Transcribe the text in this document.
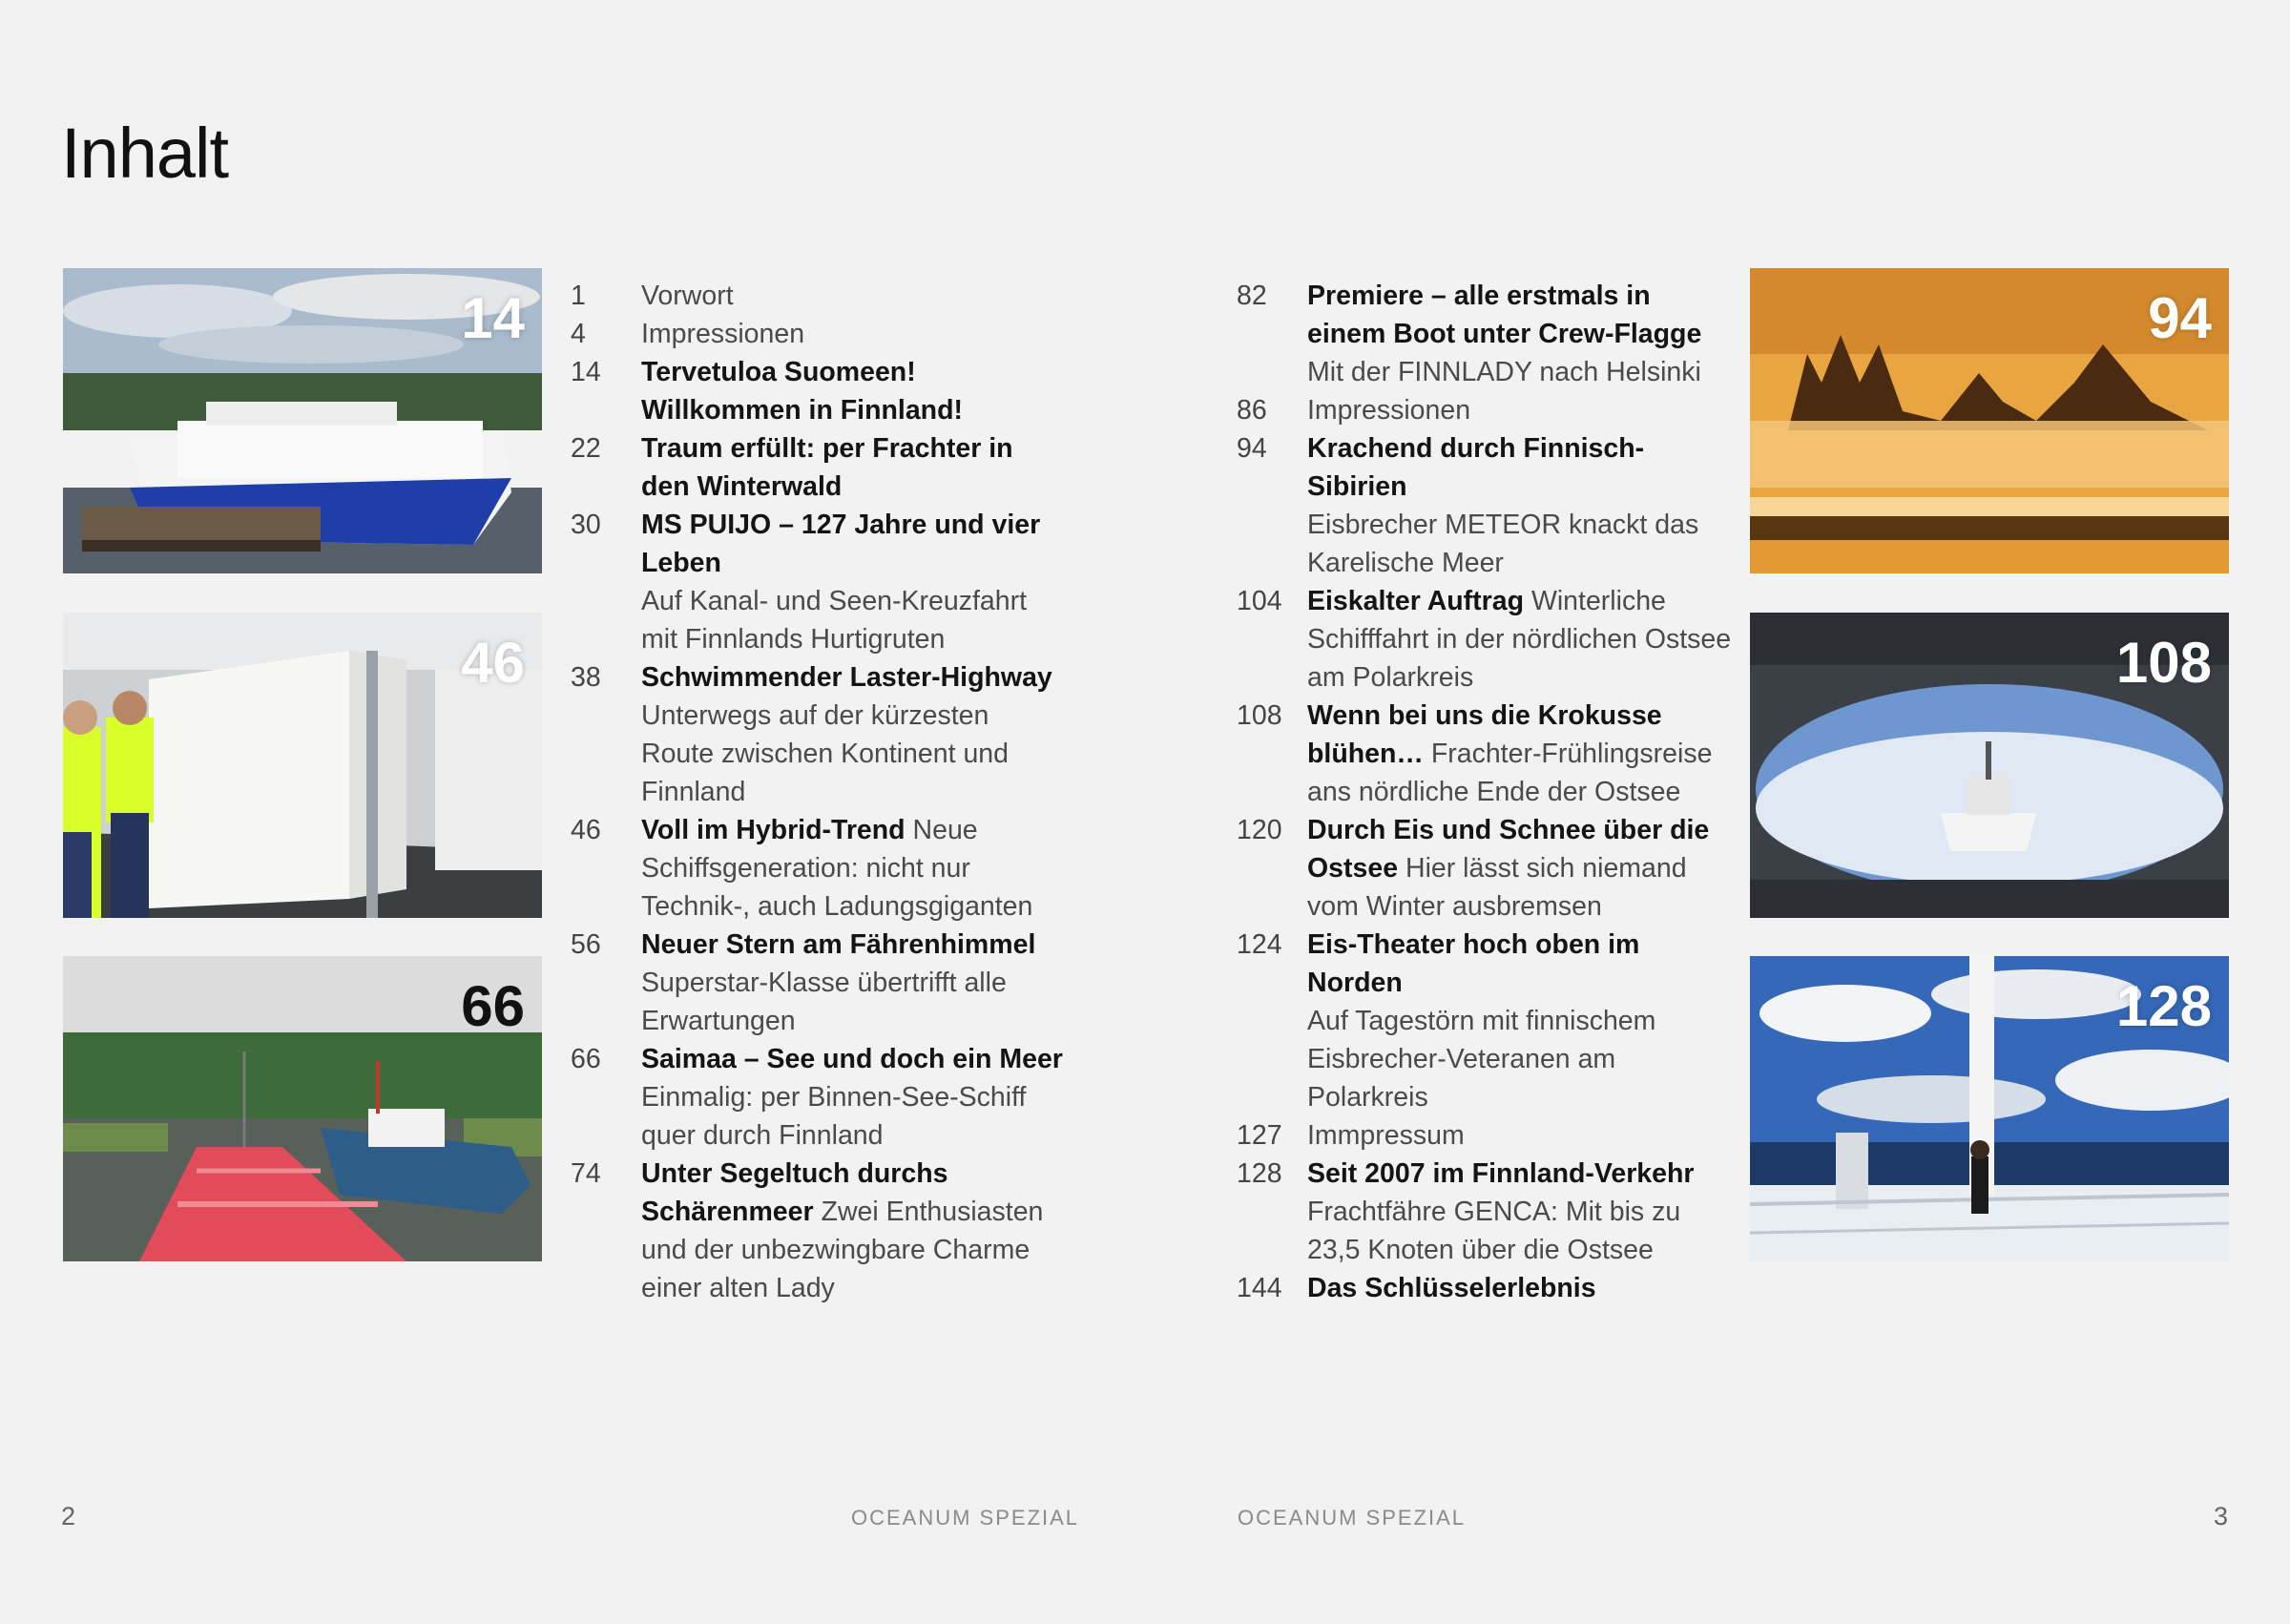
Inhalt
14
46
66
1 Vorwort
4 Impressionen
14 Tervetuloa Suomeen! Willkommen in Finnland!
22 Traum erfüllt: per Frachter in den Winterwald
30 MS PUIJO – 127 Jahre und vier Leben
Auf Kanal- und Seen-Kreuzfahrt mit Finnlands Hurtigruten
38 Schwimmender Laster-Highway
Unterwegs auf der kürzesten Route zwischen Kontinent und Finnland
46 Voll im Hybrid-Trend Neue Schiffsgeneration: nicht nur Technik-, auch Ladungsgiganten
56 Neuer Stern am Fährenhimmel
Superstar-Klasse übertrifft alle Erwartungen
66 Saimaa – See und doch ein Meer
Einmalig: per Binnen-See-Schiff quer durch Finnland
74 Unter Segeltuch durchs Schärenmeer Zwei Enthusiasten und der unbezwingbare Charme einer alten Lady
82 Premiere – alle erstmals in einem Boot unter Crew-Flagge Mit der FINNLADY nach Helsinki
86 Impressionen
94 Krachend durch Finnisch-Sibirien
Eisbrecher METEOR knackt das Karelische Meer
104 Eiskalter Auftrag Winterliche Schifffahrt in der nördlichen Ostsee am Polarkreis
108 Wenn bei uns die Krokusse blühen… Frachter-Frühlingsreise ans nördliche Ende der Ostsee
120 Durch Eis und Schnee über die Ostsee Hier lässt sich niemand vom Winter ausbremsen
124 Eis-Theater hoch oben im Norden
Auf Tagestörn mit finnischem Eisbrecher-Veteranen am Polarkreis
127 Immpressum
128 Seit 2007 im Finnland-Verkehr
Frachtfähre GENCA: Mit bis zu 23,5 Knoten über die Ostsee
144 Das Schlüsselerlebnis
94
108
128
2	OCEANUM SPEZIAL	OCEANUM SPEZIAL	3
